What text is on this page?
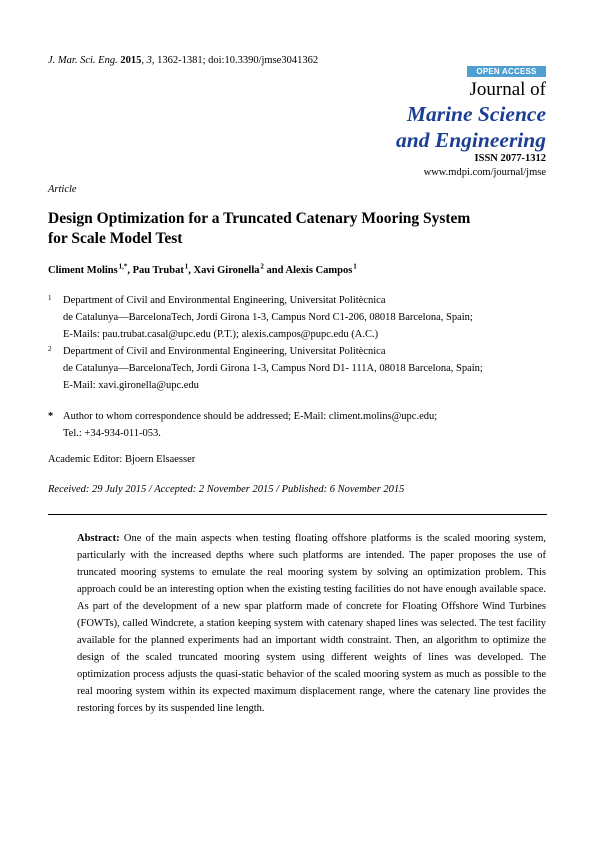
J. Mar. Sci. Eng. 2015, 3, 1362-1381; doi:10.3390/jmse3041362
OPEN ACCESS
Journal of
Marine Science
and Engineering
ISSN 2077-1312
www.mdpi.com/journal/jmse
Article
Design Optimization for a Truncated Catenary Mooring System
for Scale Model Test
Climent Molins $^{1,*}$, Pau Trubat $^1$, Xavi Gironella $^2$ and Alexis Campos $^1$
1 Department of Civil and Environmental Engineering, Universitat Politècnica
de Catalunya—BarcelonaTech, Jordi Girona 1-3, Campus Nord C1-206, 08018 Barcelona, Spain;
E-Mails: pau.trubat.casal@upc.edu (P.T.); alexis.campos@pupc.edu (A.C.)
2 Department of Civil and Environmental Engineering, Universitat Politècnica
de Catalunya—BarcelonaTech, Jordi Girona 1-3, Campus Nord D1- 111A, 08018 Barcelona, Spain;
E-Mail: xavi.gironella@upc.edu
* Author to whom correspondence should be addressed; E-Mail: climent.molins@upc.edu;
Tel.: +34-934-011-053.
Academic Editor: Bjoern Elsaesser
Received: 29 July 2015 / Accepted: 2 November 2015 / Published: 6 November 2015
Abstract: One of the main aspects when testing floating offshore platforms is the scaled mooring system, particularly with the increased depths where such platforms are intended. The paper proposes the use of truncated mooring systems to emulate the real mooring system by solving an optimization problem. This approach could be an interesting option when the existing testing facilities do not have enough available space. As part of the development of a new spar platform made of concrete for Floating Offshore Wind Turbines (FOWTs), called Windcrete, a station keeping system with catenary shaped lines was selected. The test facility available for the planned experiments had an important width constraint. Then, an algorithm to optimize the design of the scaled truncated mooring system using different weights of lines was developed. The optimization process adjusts the quasi-static behavior of the scaled mooring system as much as possible to the real mooring system within its expected maximum displacement range, where the catenary line provides the restoring forces by its suspended line length.
